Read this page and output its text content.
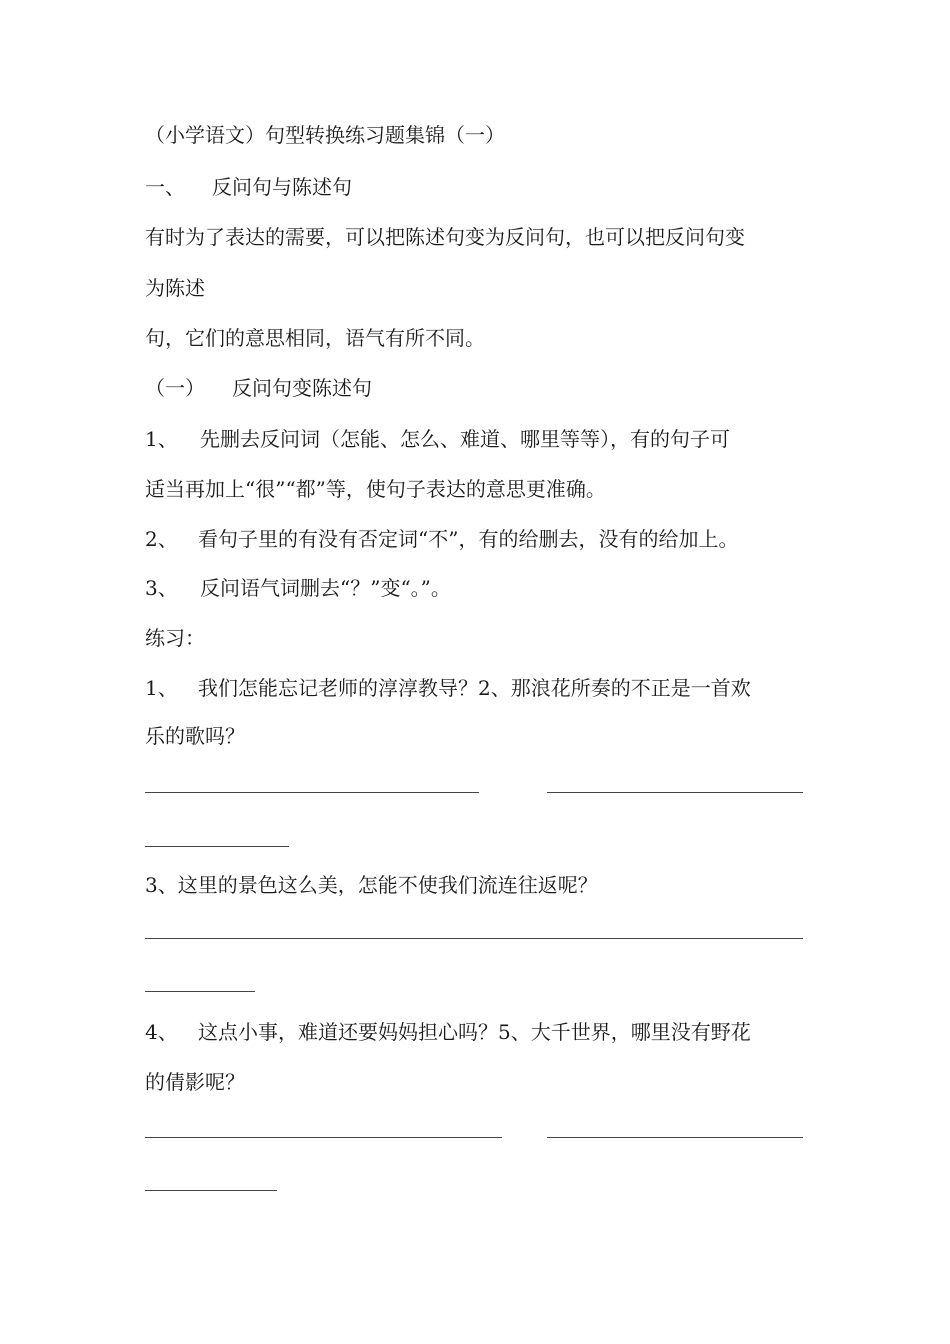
（小学语文）句型转换练习题集锦（一）
一、 反问句与陈述句
有时为了表达的需要，可以把陈述句变为反问句，也可以把反问句变
为陈述
句，它们的意思相同，语气有所不同。
（一） 反问句变陈述句
1、 先删去反问词（怎能、怎么、难道、哪里等等），有的句子可
适当再加上“很”“都”等，使句子表达的意思更准确。
2、 看句子里的有没有否定词“不”，有的给删去，没有的给加上。
3、 反问语气词删去“？”变“。”。
练习：
1、 我们怎能忘记老师的淳淳教导？2、那浪花所奏的不正是一首欢
乐的歌吗？
3、这里的景色这么美，怎能不使我们流连往返呢？
4、 这点小事，难道还要妈妈担心吗？5、大千世界，哪里没有野花
的倩影呢？
